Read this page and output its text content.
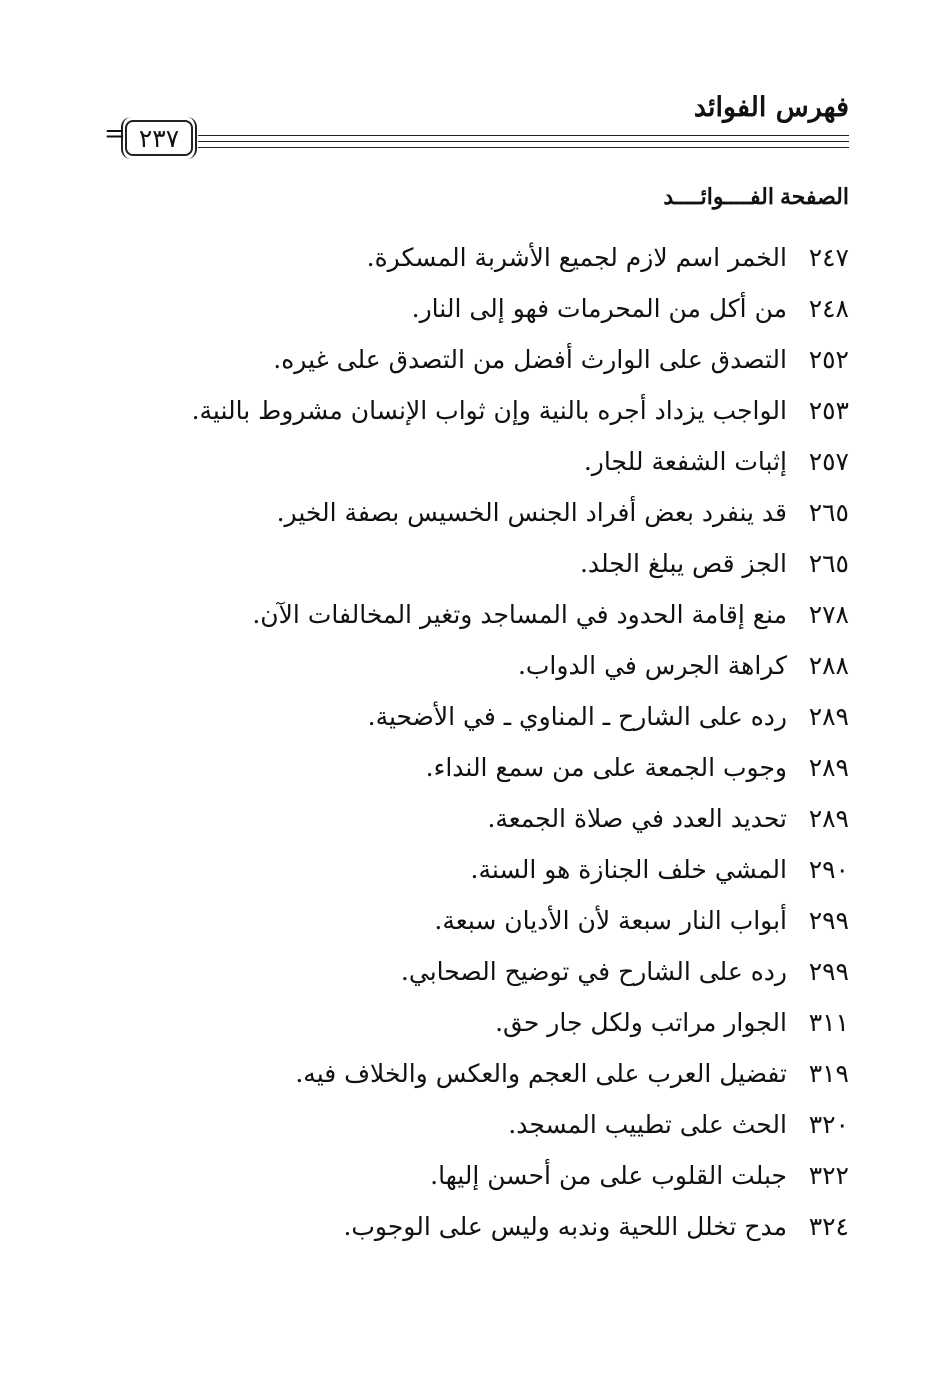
فهرس الفوائد
٢٣٧
=
الصفحة
الفــــوائــــد
٢٤٧
الخمر اسم لازم لجميع الأشربة المسكرة.
٢٤٨
من أكل من المحرمات فهو إلى النار.
٢٥٢
التصدق على الوارث أفضل من التصدق على غيره.
٢٥٣
الواجب يزداد أجره بالنية وإن ثواب الإنسان مشروط بالنية.
٢٥٧
إثبات الشفعة للجار.
٢٦٥
قد ينفرد بعض أفراد الجنس الخسيس بصفة الخير.
٢٦٥
الجز قص يبلغ الجلد.
٢٧٨
منع إقامة الحدود في المساجد وتغير المخالفات الآن.
٢٨٨
كراهة الجرس في الدواب.
٢٨٩
رده على الشارح ـ المناوي ـ في الأضحية.
٢٨٩
وجوب الجمعة على من سمع النداء.
٢٨٩
تحديد العدد في صلاة الجمعة.
٢٩٠
المشي خلف الجنازة هو السنة.
٢٩٩
أبواب النار سبعة لأن الأديان سبعة.
٢٩٩
رده على الشارح في توضيح الصحابي.
٣١١
الجوار مراتب ولكل جار حق.
٣١٩
تفضيل العرب على العجم والعكس والخلاف فيه.
٣٢٠
الحث على تطييب المسجد.
٣٢٢
جبلت القلوب على من أحسن إليها.
٣٢٤
مدح تخلل اللحية وندبه وليس على الوجوب.
